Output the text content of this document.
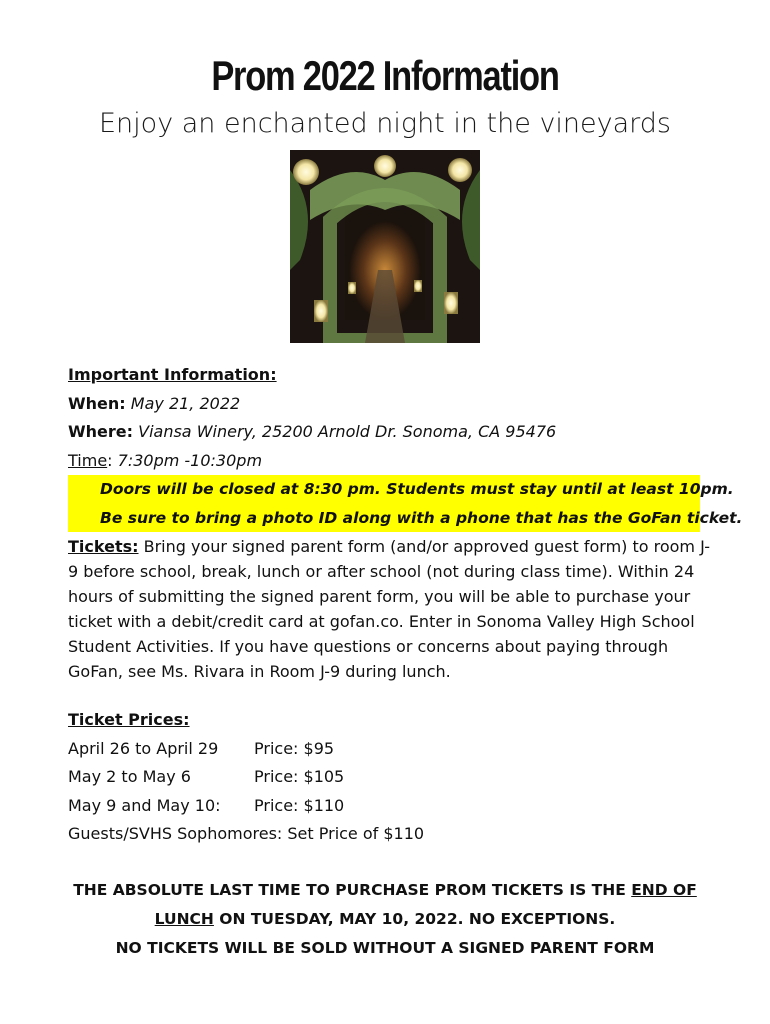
Prom 2022 Information

Enjoy an enchanted night in the vineyards

Important Information:
When: May 21, 2022
Where: Viansa Winery, 25200 Arnold Dr. Sonoma, CA 95476
Time: 7:30pm -10:30pm
Doors will be closed at 8:30 pm. Students must stay until at least 10pm.
Be sure to bring a photo ID along with a phone that has the GoFan ticket.
Tickets: Bring your signed parent form (and/or approved guest form) to room J-9 before school, break, lunch or after school (not during class time). Within 24 hours of submitting the signed parent form, you will be able to purchase your ticket with a debit/credit card at gofan.co. Enter in Sonoma Valley High School Student Activities. If you have questions or concerns about paying through GoFan, see Ms. Rivara in Room J-9 during lunch.
Ticket Prices:
April 26 to April 29	Price: $95
May 2 to May 6	Price: $105
May 9 and May 10:	Price: $110
Guests/SVHS Sophomores: Set Price of $110
THE ABSOLUTE LAST TIME TO PURCHASE PROM TICKETS IS THE END OF
LUNCH ON TUESDAY, MAY 10, 2022. NO EXCEPTIONS.
NO TICKETS WILL BE SOLD WITHOUT A SIGNED PARENT FORM
